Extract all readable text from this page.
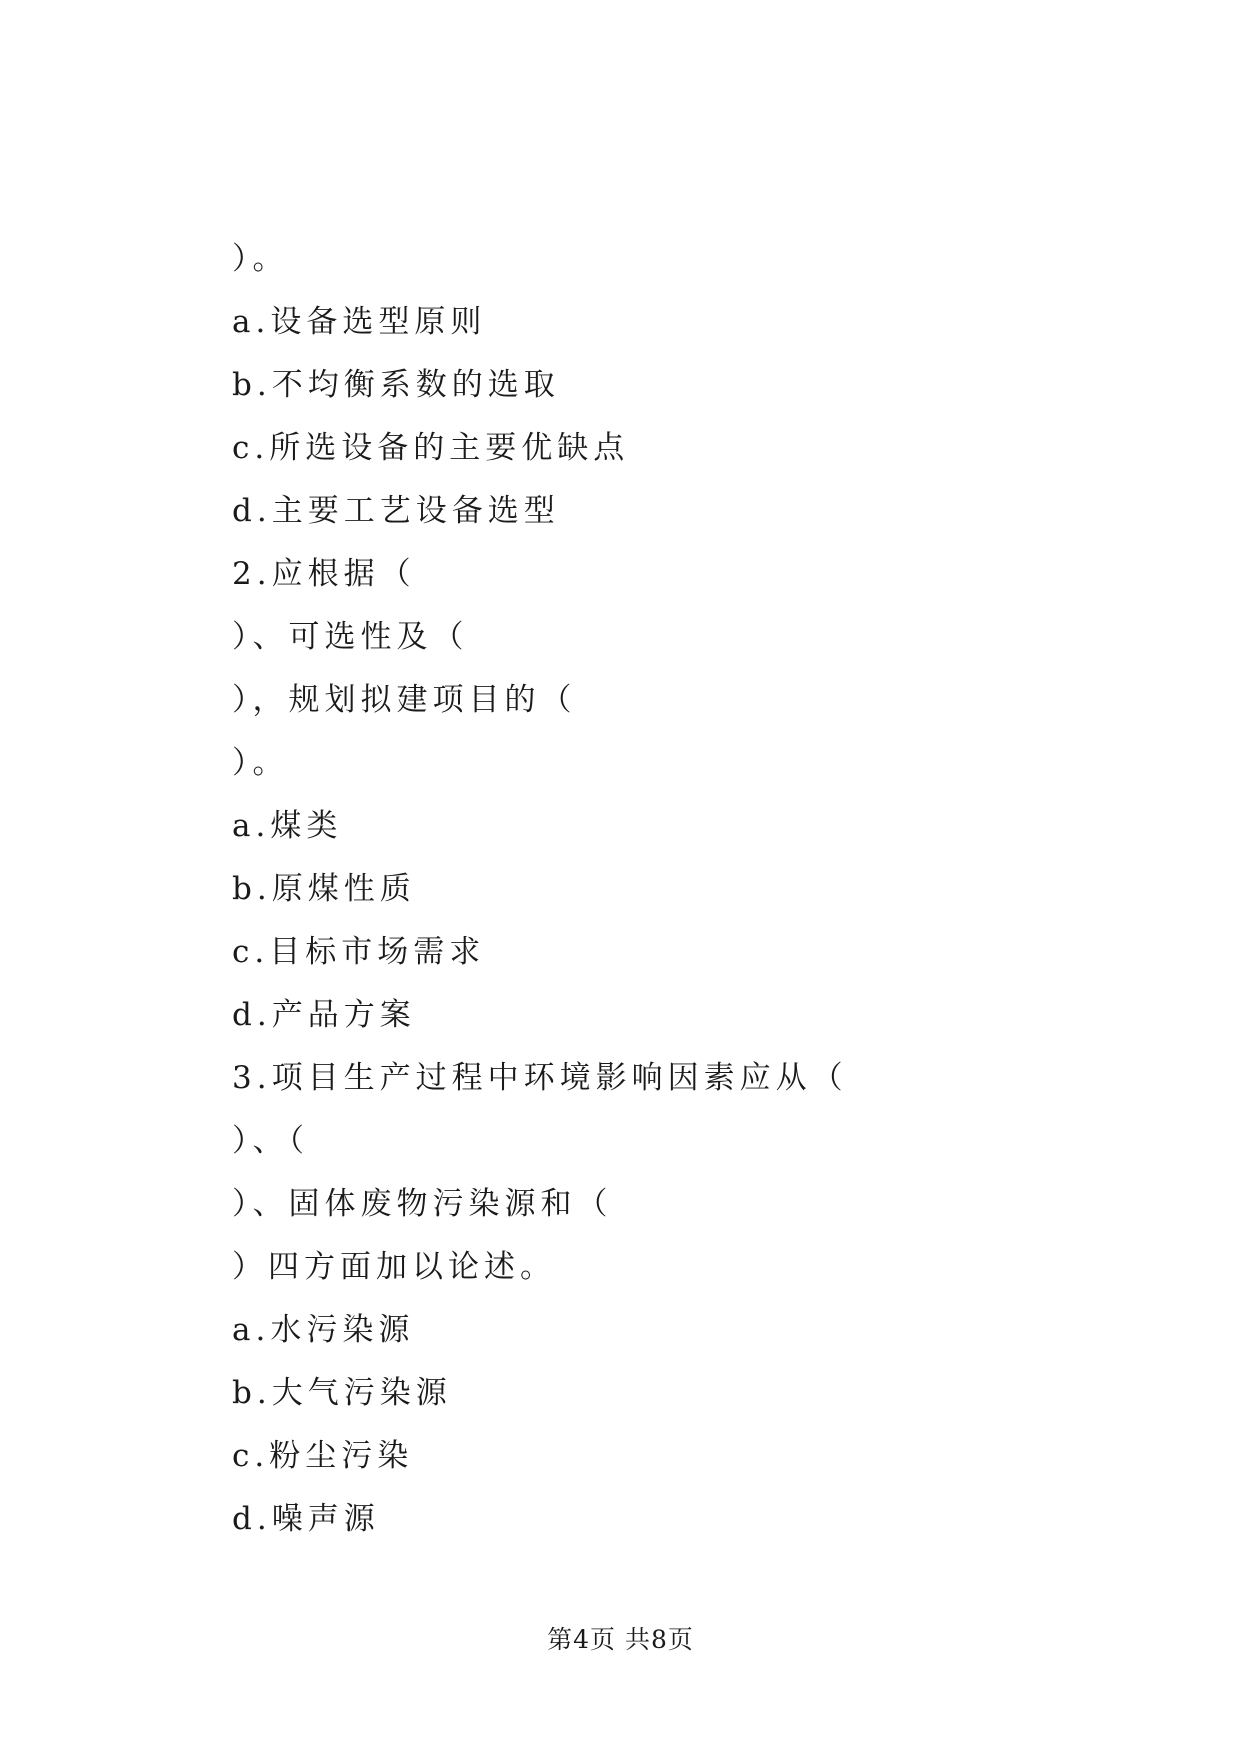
）。
a.设备选型原则
b.不均衡系数的选取
c.所选设备的主要优缺点
d.主要工艺设备选型
2.应根据（
）、可选性及（
），规划拟建项目的（
）。
a.煤类
b.原煤性质
c.目标市场需求
d.产品方案
3.项目生产过程中环境影响因素应从（
）、（
）、固体废物污染源和（
）四方面加以论述。
a.水污染源
b.大气污染源
c.粉尘污染
d.噪声源
第4页 共8页
